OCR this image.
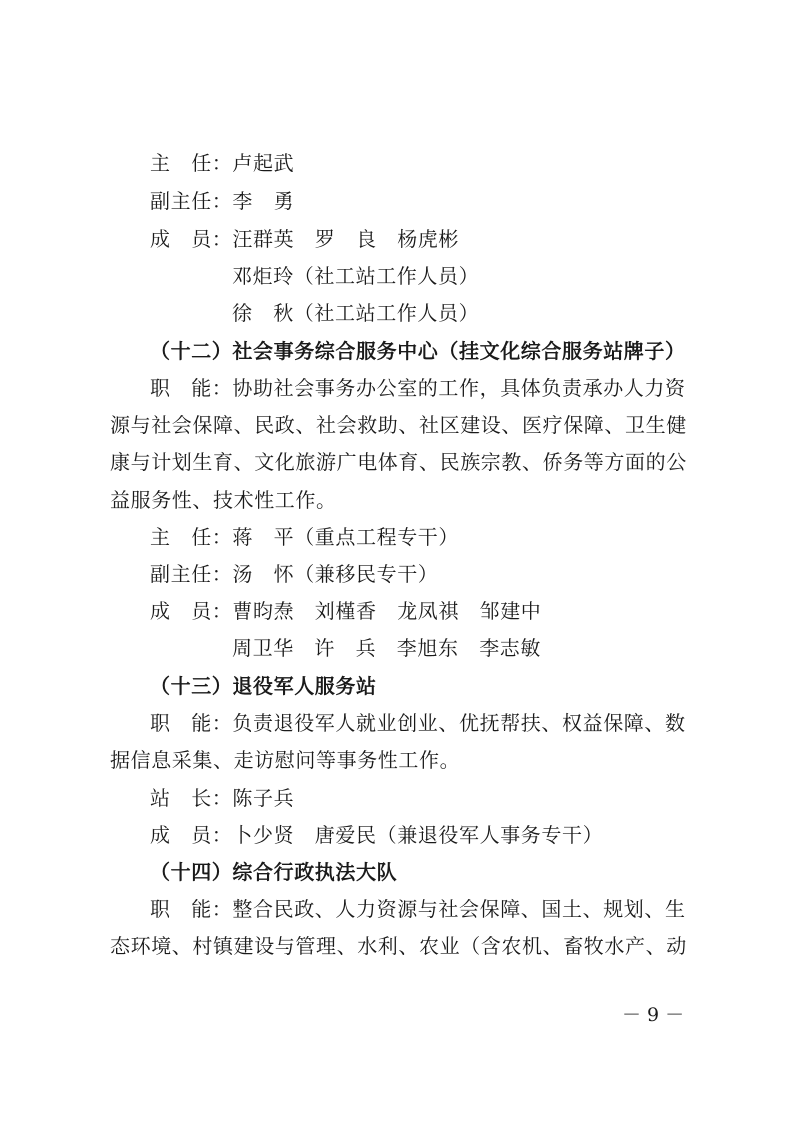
主　任：卢起武
副主任：李　勇
成　员：汪群英　罗　良　杨虎彬
邓炬玲（社工站工作人员）
徐　秋（社工站工作人员）
（十二）社会事务综合服务中心（挂文化综合服务站牌子）
职　能：协助社会事务办公室的工作，具体负责承办人力资
源与社会保障、民政、社会救助、社区建设、医疗保障、卫生健
康与计划生育、文化旅游广电体育、民族宗教、侨务等方面的公
益服务性、技术性工作。
主　任：蒋　平（重点工程专干）
副主任：汤　怀（兼移民专干）
成　员：曹昀焘　刘槿香　龙凤祺　邹建中
周卫华　许　兵　李旭东　李志敏
（十三）退役军人服务站
职　能：负责退役军人就业创业、优抚帮扶、权益保障、数
据信息采集、走访慰问等事务性工作。
站　长：陈子兵
成　员：卜少贤　唐爱民（兼退役军人事务专干）
（十四）综合行政执法大队
职　能：整合民政、人力资源与社会保障、国土、规划、生
态环境、村镇建设与管理、水利、农业（含农机、畜牧水产、动
－ 9 －
